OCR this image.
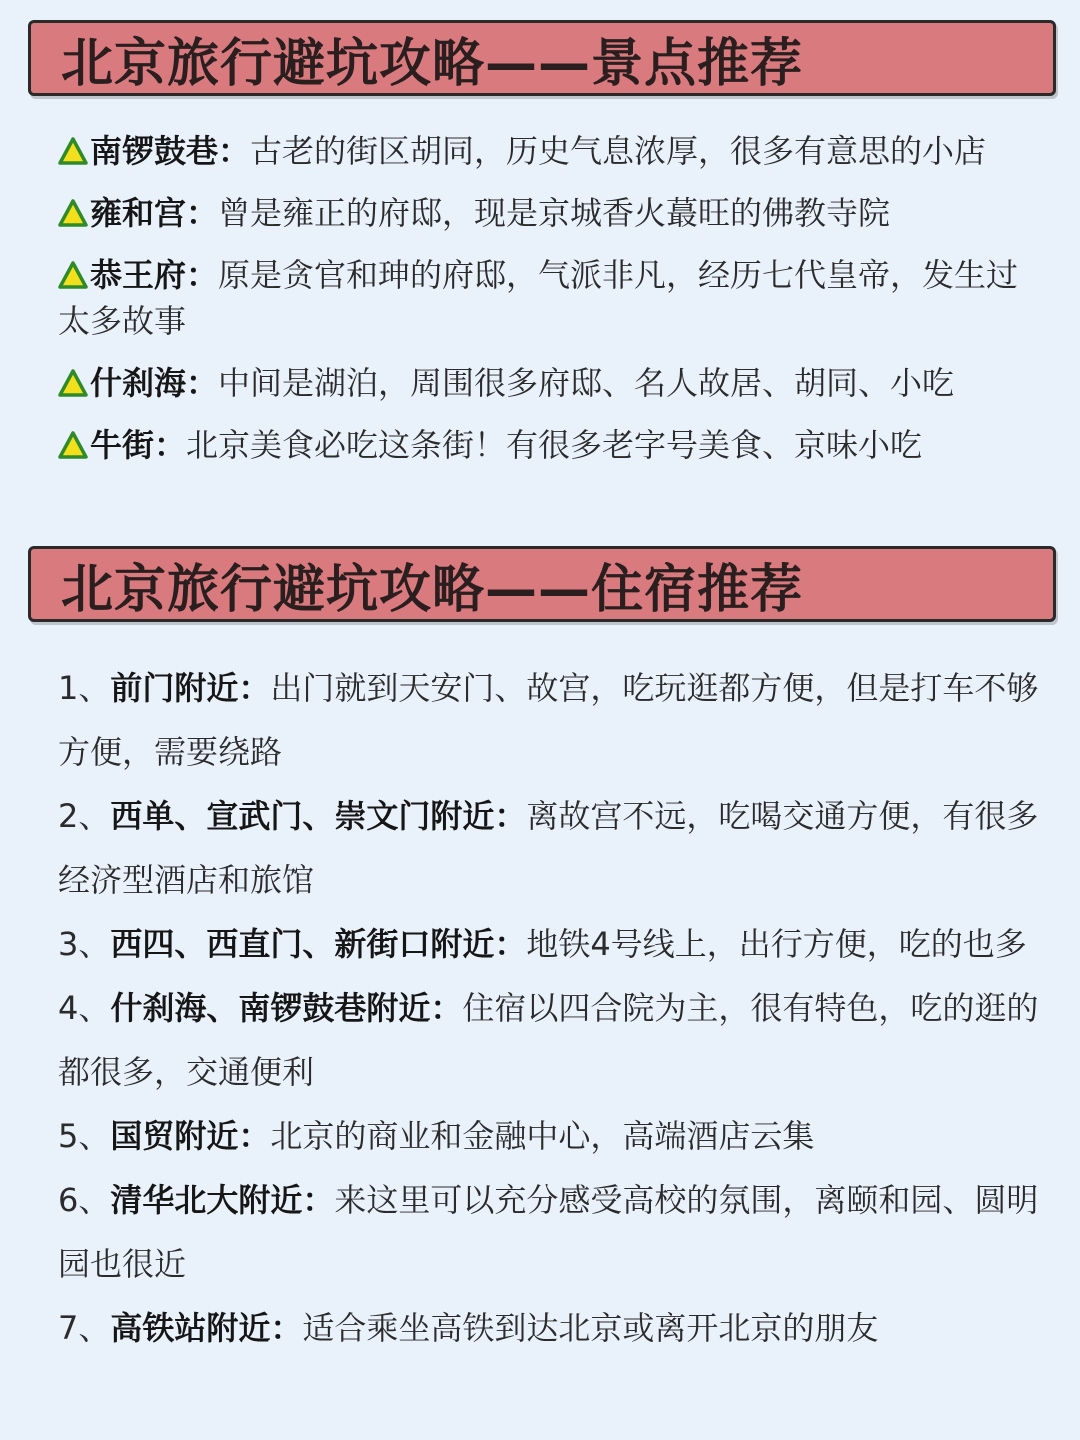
北京旅行避坑攻略——景点推荐
南锣鼓巷：古老的街区胡同，历史气息浓厚，很多有意思的小店
雍和宫：曾是雍正的府邸，现是京城香火蕞旺的佛教寺院
恭王府：原是贪官和珅的府邸，气派非凡，经历七代皇帝，发生过太多故事
什刹海：中间是湖泊，周围很多府邸、名人故居、胡同、小吃
牛街：北京美食必吃这条街！有很多老字号美食、京味小吃
北京旅行避坑攻略——住宿推荐
1、前门附近：出门就到天安门、故宫，吃玩逛都方便，但是打车不够方便，需要绕路
2、西单、宣武门、崇文门附近：离故宫不远，吃喝交通方便，有很多经济型酒店和旅馆
3、西四、西直门、新街口附近：地铁4号线上，出行方便，吃的也多
4、什刹海、南锣鼓巷附近：住宿以四合院为主，很有特色，吃的逛的都很多，交通便利
5、国贸附近：北京的商业和金融中心，高端酒店云集
6、清华北大附近：来这里可以充分感受高校的氛围，离颐和园、圆明园也很近
7、高铁站附近：适合乘坐高铁到达北京或离开北京的朋友
